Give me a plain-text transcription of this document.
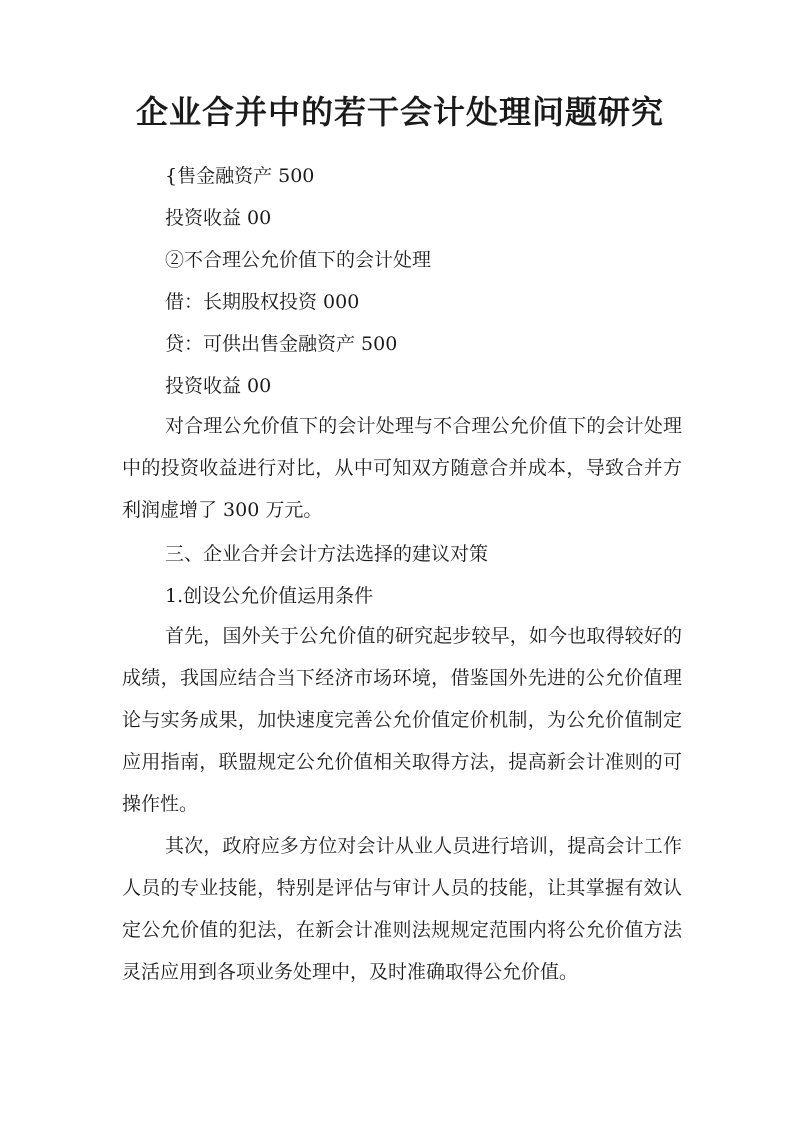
企业合并中的若干会计处理问题研究
{售金融资产 500
投资收益 00
②不合理公允价值下的会计处理
借：长期股权投资 000
贷：可供出售金融资产 500
投资收益 00

对合理公允价值下的会计处理与不合理公允价值下的会计处理中的投资收益进行对比，从中可知双方随意合并成本，导致合并方利润虚增了 300 万元。

三、企业合并会计方法选择的建议对策
1.创设公允价值运用条件

首先，国外关于公允价值的研究起步较早，如今也取得较好的成绩，我国应结合当下经济市场环境，借鉴国外先进的公允价值理论与实务成果，加快速度完善公允价值定价机制，为公允价值制定应用指南，联盟规定公允价值相关取得方法，提高新会计准则的可操作性。

其次，政府应多方位对会计从业人员进行培训，提高会计工作人员的专业技能，特别是评估与审计人员的技能，让其掌握有效认定公允价值的犯法，在新会计准则法规规定范围内将公允价值方法灵活应用到各项业务处理中，及时准确取得公允价值。
